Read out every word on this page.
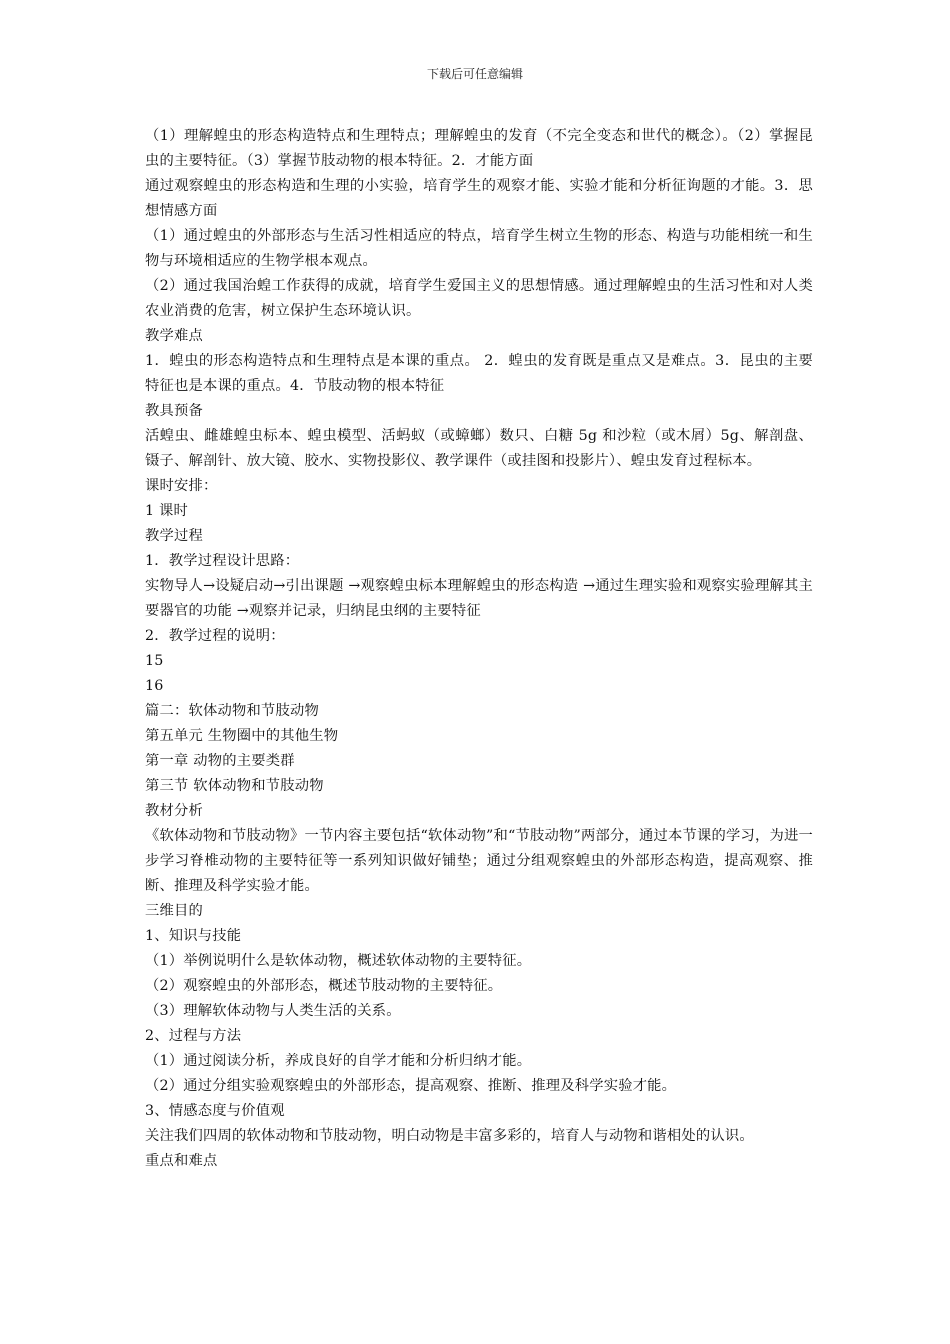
下载后可任意编辑

（1）理解蝗虫的形态构造特点和生理特点；理解蝗虫的发育（不完全变态和世代的概念）。（2）掌握昆虫的主要特征。（3）掌握节肢动物的根本特征。2．才能方面

通过观察蝗虫的形态构造和生理的小实验，培育学生的观察才能、实验才能和分析征询题的才能。3．思想情感方面

（1）通过蝗虫的外部形态与生活习性相适应的特点，培育学生树立生物的形态、构造与功能相统一和生物与环境相适应的生物学根本观点。

（2）通过我国治蝗工作获得的成就，培育学生爱国主义的思想情感。通过理解蝗虫的生活习性和对人类农业消费的危害，树立保护生态环境认识。

教学难点

1．蝗虫的形态构造特点和生理特点是本课的重点。 2．蝗虫的发育既是重点又是难点。3．昆虫的主要特征也是本课的重点。4．节肢动物的根本特征

教具预备

活蝗虫、雌雄蝗虫标本、蝗虫模型、活蚂蚁（或蟑螂）数只、白糖 5g 和沙粒（或木屑）5g、解剖盘、镊子、解剖针、放大镜、胶水、实物投影仪、教学课件（或挂图和投影片）、蝗虫发育过程标本。

课时安排：

1 课时

教学过程

1．教学过程设计思路：

实物导人→设疑启动→引出课题 →观察蝗虫标本理解蝗虫的形态构造 →通过生理实验和观察实验理解其主要器官的功能 →观察并记录，归纳昆虫纲的主要特征

2．教学过程的说明：

15

16

篇二：软体动物和节肢动物

第五单元 生物圈中的其他生物

第一章 动物的主要类群

第三节 软体动物和节肢动物

教材分析

《软体动物和节肢动物》一节内容主要包括“软体动物”和“节肢动物”两部分，通过本节课的学习，为进一步学习脊椎动物的主要特征等一系列知识做好铺垫；通过分组观察蝗虫的外部形态构造，提高观察、推断、推理及科学实验才能。

三维目的

1、知识与技能

（1）举例说明什么是软体动物，概述软体动物的主要特征。

（2）观察蝗虫的外部形态，概述节肢动物的主要特征。

（3）理解软体动物与人类生活的关系。

2、过程与方法

（1）通过阅读分析，养成良好的自学才能和分析归纳才能。

（2）通过分组实验观察蝗虫的外部形态，提高观察、推断、推理及科学实验才能。

3、情感态度与价值观

关注我们四周的软体动物和节肢动物，明白动物是丰富多彩的，培育人与动物和谐相处的认识。

重点和难点
